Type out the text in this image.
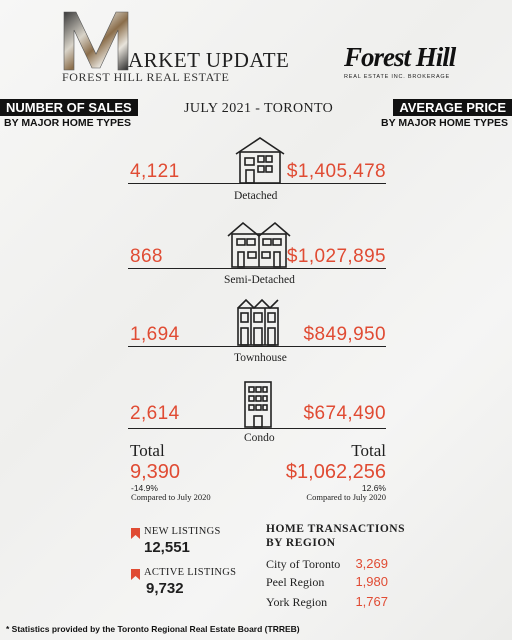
ARKET UPDATE
FOREST HILL REAL ESTATE
Forest Hill
REAL ESTATE INC. BROKERAGE
NUMBER OF SALES
BY MAJOR HOME TYPES
AVERAGE PRICE
BY MAJOR HOME TYPES
JULY 2021 - TORONTO
4,121	$1,405,478
Detached
868	$1,027,895
Semi-Detached
1,694	$849,950
Townhouse
2,614	$674,490
Condo
Total
9,390
-14.9%
Compared to July 2020
Total
$1,062,256
12.6%
Compared to July 2020
NEW LISTINGS
12,551
ACTIVE LISTINGS
9,732
HOME TRANSACTIONS
BY REGION
City of Toronto 3,269
Peel Region 1,980
York Region 1,767
* Statistics provided by the Toronto Regional Real Estate Board (TRREB)
